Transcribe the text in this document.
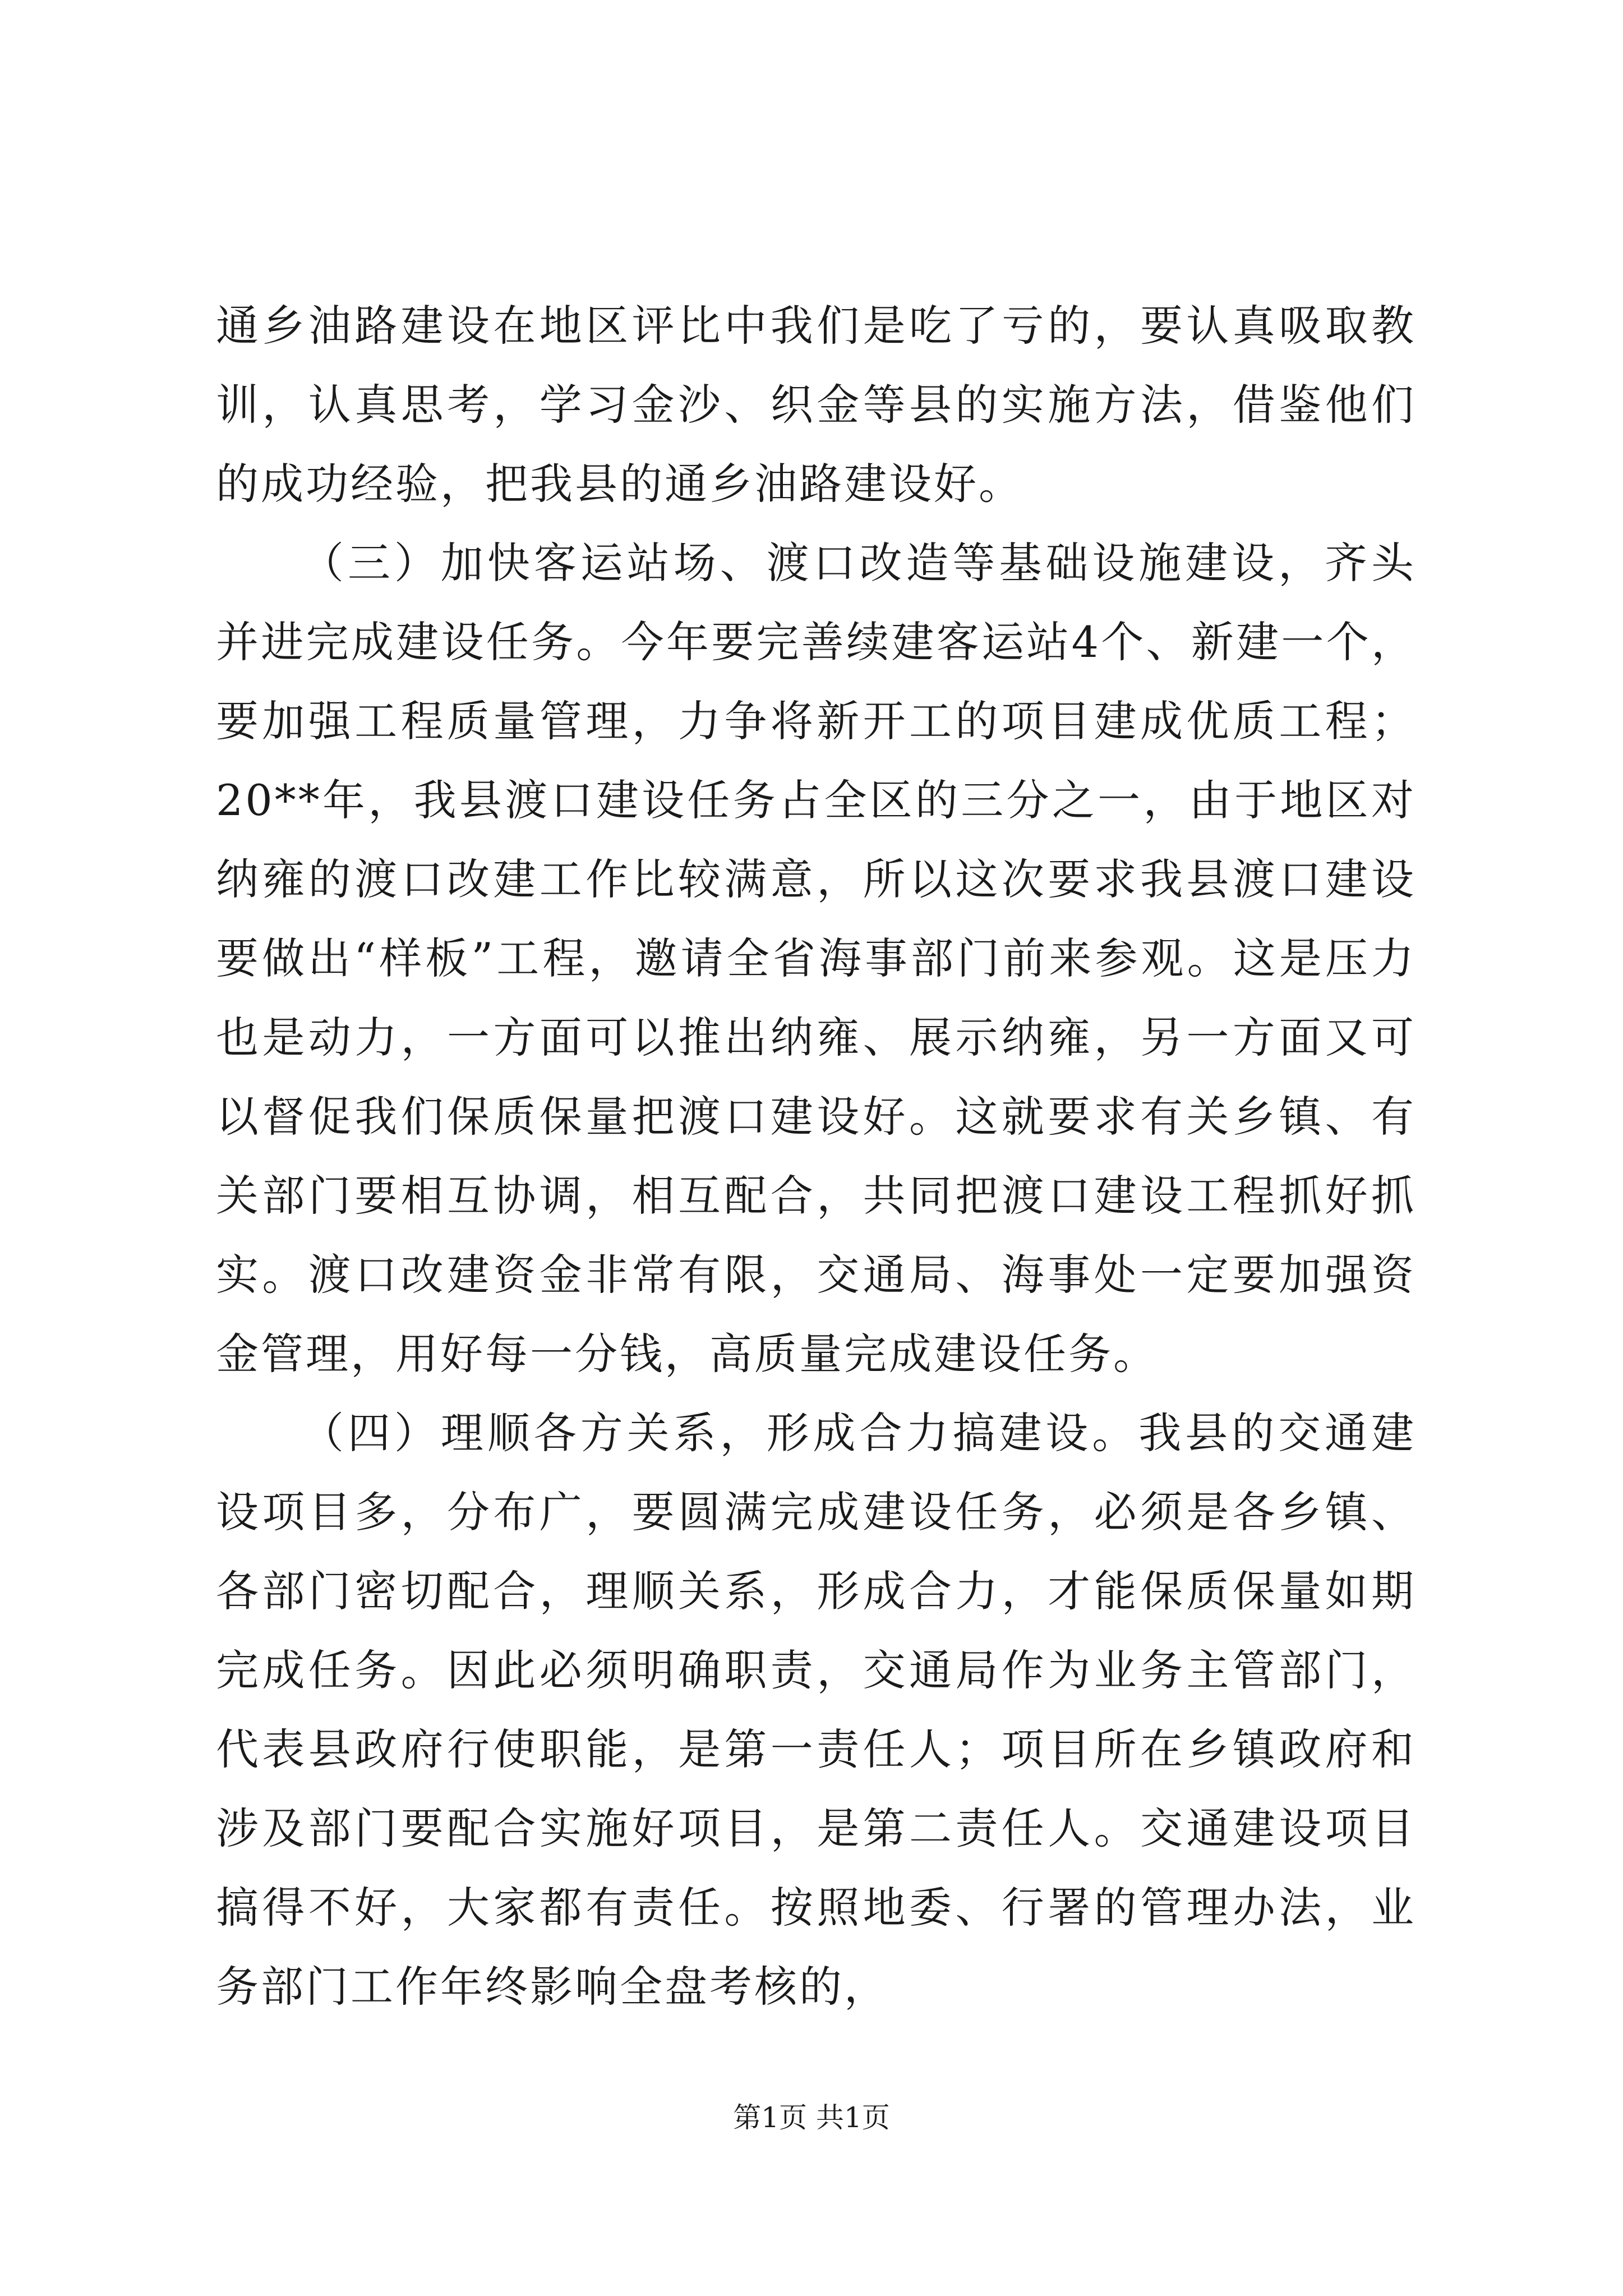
通乡油路建设在地区评比中我们是吃了亏的，要认真吸取教训，认真思考，学习金沙、织金等县的实施方法，借鉴他们的成功经验，把我县的通乡油路建设好。

（三）加快客运站场、渡口改造等基础设施建设，齐头并进完成建设任务。今年要完善续建客运站4个、新建一个，要加强工程质量管理，力争将新开工的项目建成优质工程；20**年，我县渡口建设任务占全区的三分之一，由于地区对纳雍的渡口改建工作比较满意，所以这次要求我县渡口建设要做出“样板”工程，邀请全省海事部门前来参观。这是压力也是动力，一方面可以推出纳雍、展示纳雍，另一方面又可以督促我们保质保量把渡口建设好。这就要求有关乡镇、有关部门要相互协调，相互配合，共同把渡口建设工程抓好抓实。渡口改建资金非常有限，交通局、海事处一定要加强资金管理，用好每一分钱，高质量完成建设任务。

（四）理顺各方关系，形成合力搞建设。我县的交通建设项目多，分布广，要圆满完成建设任务，必须是各乡镇、各部门密切配合，理顺关系，形成合力，才能保质保量如期完成任务。因此必须明确职责，交通局作为业务主管部门，代表县政府行使职能，是第一责任人；项目所在乡镇政府和涉及部门要配合实施好项目，是第二责任人。交通建设项目搞得不好，大家都有责任。按照地委、行署的管理办法，业务部门工作年终影响全盘考核的，

第1页 共1页
